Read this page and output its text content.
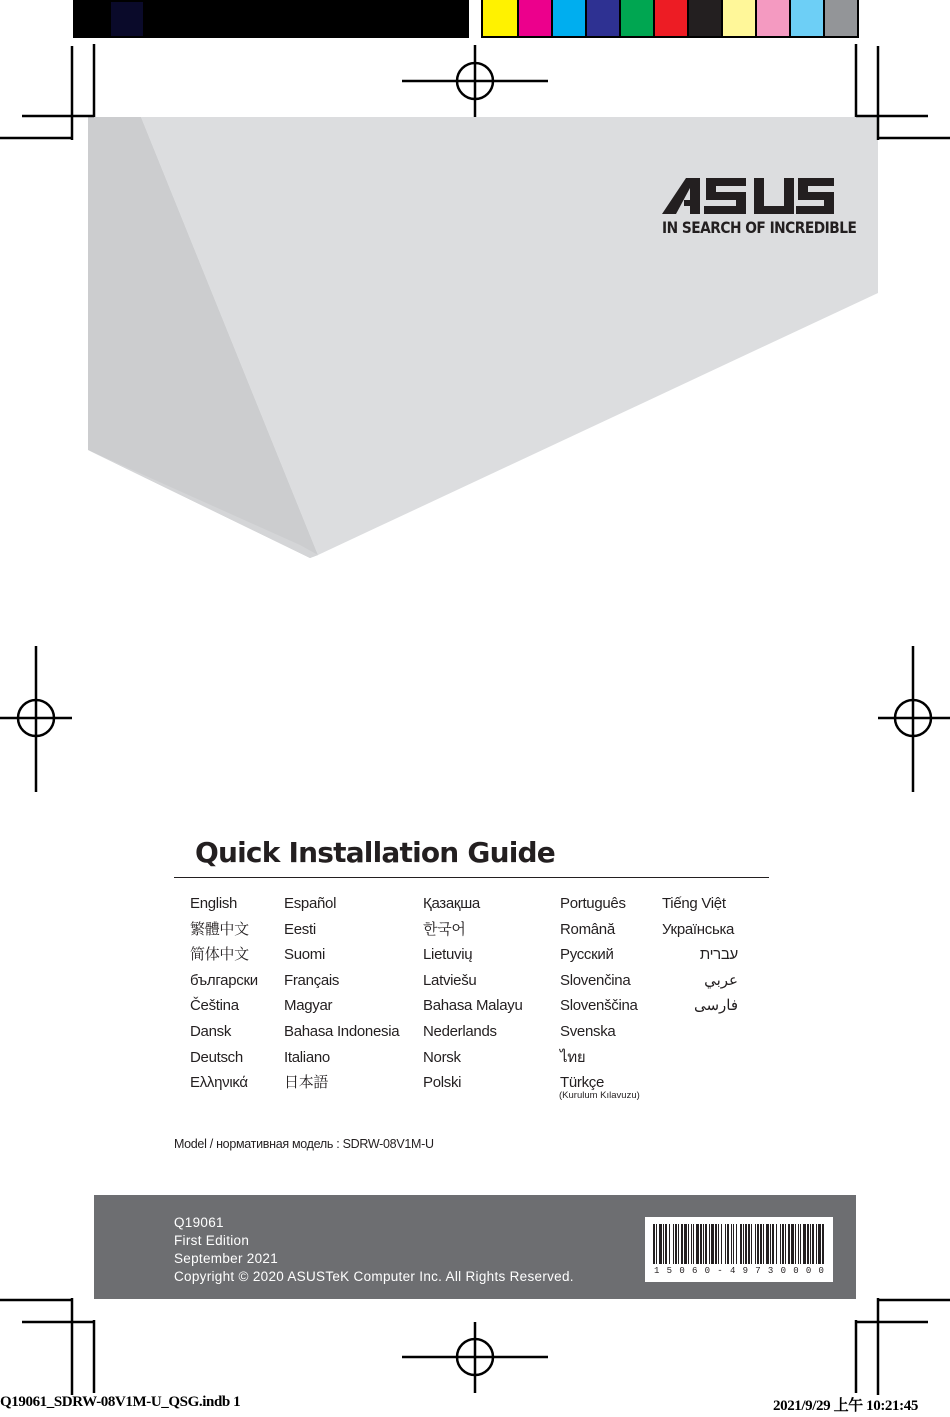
IN SEARCH OF INCREDIBLE
Quick Installation Guide
English
繁體中文
简体中文
български
Čeština
Dansk
Deutsch
Ελληνικά
Español
Eesti
Suomi
Français
Magyar
Bahasa Indonesia
Italiano
日本語
Қазақша
한국어
Lietuvių
Latviešu
Bahasa Malayu
Nederlands
Norsk
Polski
Português
Română
Русский
Slovenčina
Slovenščina
Svenska
ไทย
Türkçe
(Kurulum Kılavuzu)
Tiếng Việt
Українська
עברית
عربي
فارسی
Model / нормативная модель : SDRW-08V1M-U
Q19061
First Edition
September 2021
Copyright © 2020 ASUSTeK Computer Inc. All Rights Reserved.	1 5 0 6 0 - 4 9 7 3 0 0 0 0
Q19061_SDRW-08V1M-U_QSG.indb 1	2021/9/29 上午 10:21:45
